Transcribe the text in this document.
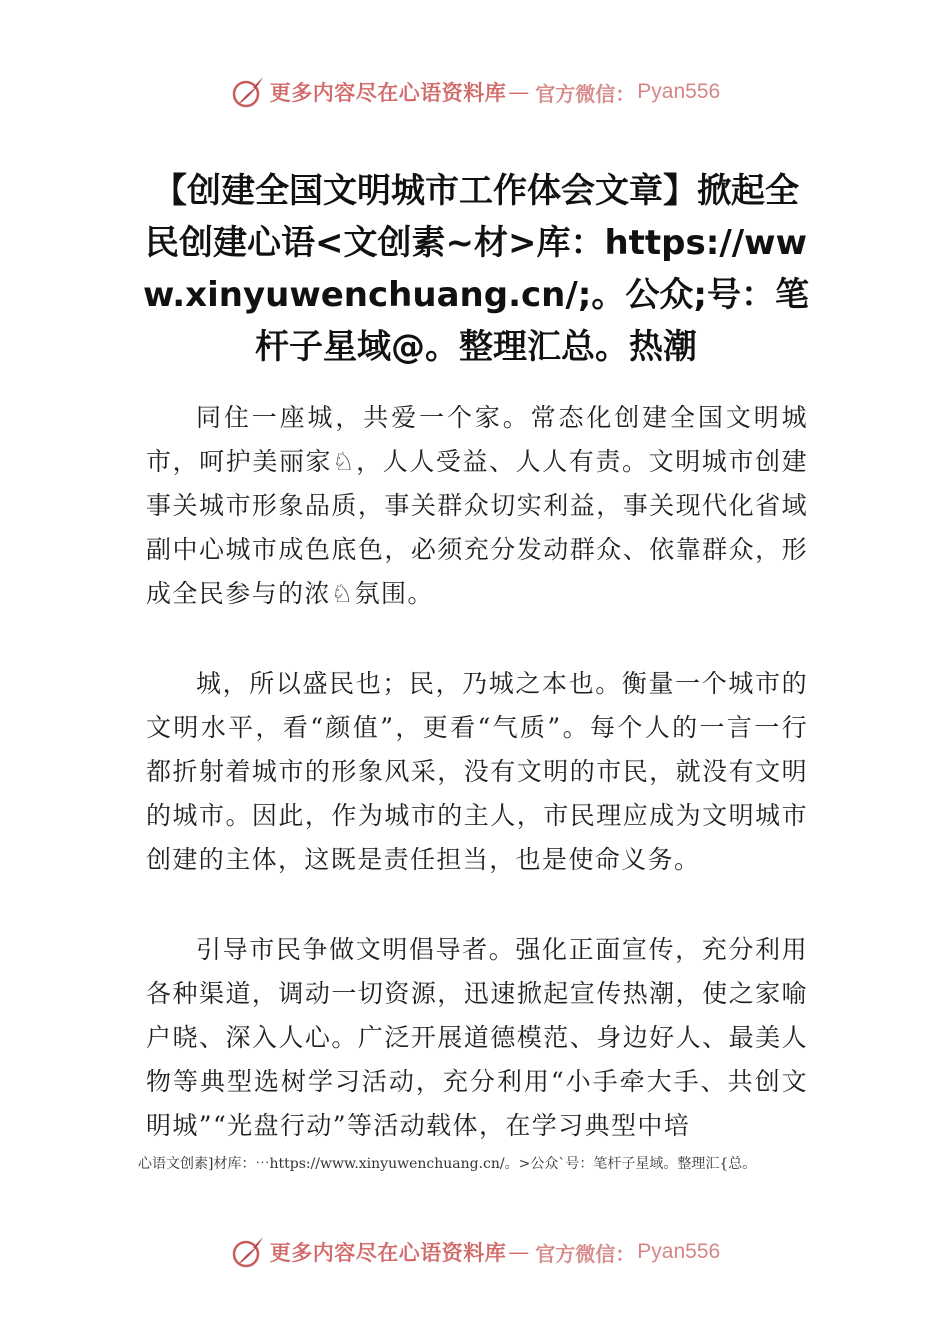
更多内容尽在心语资料库 — 官方微信： Pyan556
【创建全国文明城市工作体会文章】掀起全民创建心语<文创素~材>库：https://www.xinyuwenchuang.cn/;。公众;号：笔杆子星域@。整理汇总。热潮

同住一座城，共爱一个家。常态化创建全国文明城市，呵护美丽家♘，人人受益、人人有责。文明城市创建事关城市形象品质，事关群众切实利益，事关现代化省域副中心城市成色底色，必须充分发动群众、依靠群众，形成全民参与的浓♘氛围。

城，所以盛民也；民，乃城之本也。衡量一个城市的文明水平，看“颜值”，更看“气质”。每个人的一言一行都折射着城市的形象风采，没有文明的市民，就没有文明的城市。因此，作为城市的主人，市民理应成为文明城市创建的主体，这既是责任担当，也是使命义务。

引导市民争做文明倡导者。强化正面宣传，充分利用各种渠道，调动一切资源，迅速掀起宣传热潮，使之家喻户晓、深入人心。广泛开展道德模范、身边好人、最美人物等典型选树学习活动，充分利用“小手牵大手、共创文明城”“光盘行动”等活动载体，在学习典型中培

心语文创素]材库：⋯https://www.xinyuwenchuang.cn/。>公众`号：笔杆子星域。整理汇{总。

更多内容尽在心语资料库 — 官方微信： Pyan556
